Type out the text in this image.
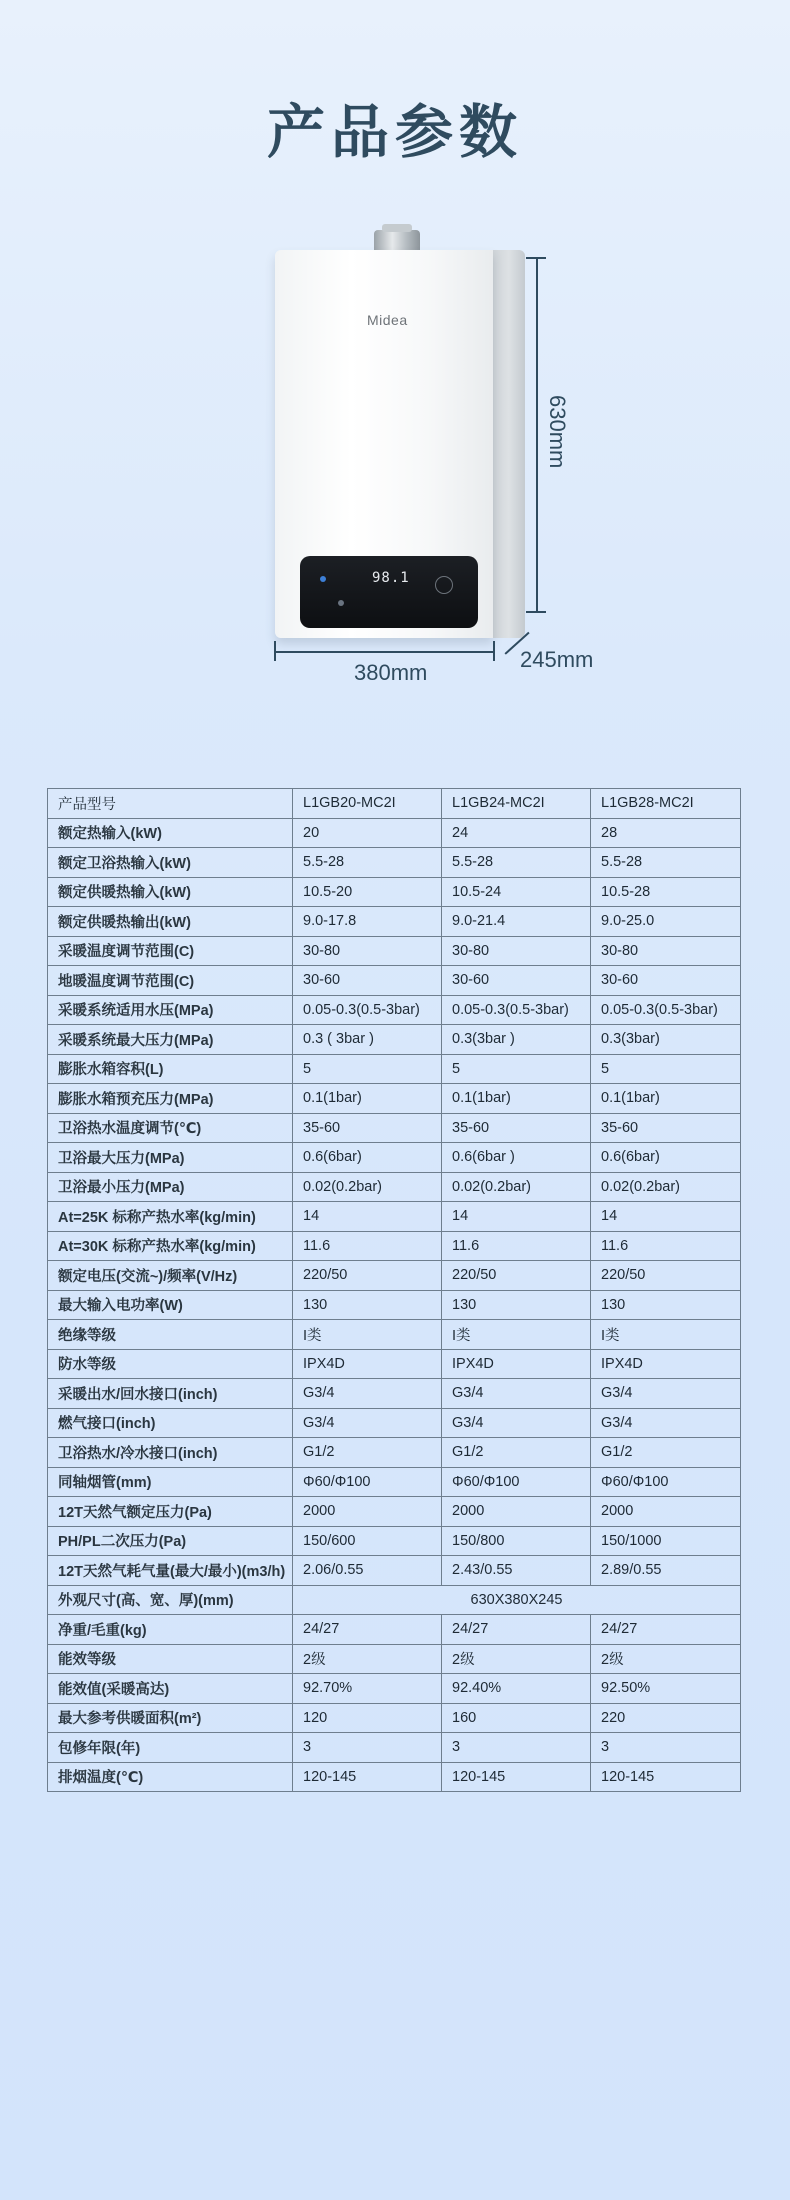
产品参数
Midea
98.1
630mm
380mm
245mm
产品型号	L1GB20-MC2I	L1GB24-MC2I	L1GB28-MC2I
额定热输入(kW)	20	24	28
额定卫浴热输入(kW)	5.5-28	5.5-28	5.5-28
额定供暖热输入(kW)	10.5-20	10.5-24	10.5-28
额定供暖热输出(kW)	9.0-17.8	9.0-21.4	9.0-25.0
采暖温度调节范围(C)	30-80	30-80	30-80
地暖温度调节范围(C)	30-60	30-60	30-60
采暖系统适用水压(MPa)	0.05-0.3(0.5-3bar)	0.05-0.3(0.5-3bar)	0.05-0.3(0.5-3bar)
采暖系统最大压力(MPa)	0.3 ( 3bar )	0.3(3bar )	0.3(3bar)
膨胀水箱容积(L)	5	5	5
膨胀水箱预充压力(MPa)	0.1(1bar)	0.1(1bar)	0.1(1bar)
卫浴热水温度调节(℃)	35-60	35-60	35-60
卫浴最大压力(MPa)	0.6(6bar)	0.6(6bar )	0.6(6bar)
卫浴最小压力(MPa)	0.02(0.2bar)	0.02(0.2bar)	0.02(0.2bar)
At=25K 标称产热水率(kg/min)	14	14	14
At=30K 标称产热水率(kg/min)	11.6	11.6	11.6
额定电压(交流~)/频率(V/Hz)	220/50	220/50	220/50
最大输入电功率(W)	130	130	130
绝缘等级	I类	I类	I类
防水等级	IPX4D	IPX4D	IPX4D
采暖出水/回水接口(inch)	G3/4	G3/4	G3/4
燃气接口(inch)	G3/4	G3/4	G3/4
卫浴热水/冷水接口(inch)	G1/2	G1/2	G1/2
同轴烟管(mm)	Φ60/Φ100	Φ60/Φ100	Φ60/Φ100
12T天然气额定压力(Pa)	2000	2000	2000
PH/PL二次压力(Pa)	150/600	150/800	150/1000
12T天然气耗气量(最大/最小)(m3/h)	2.06/0.55	2.43/0.55	2.89/0.55
外观尺寸(高、宽、厚)(mm)	630X380X245		
净重/毛重(kg)	24/27	24/27	24/27
能效等级	2级	2级	2级
能效值(采暖高达)	92.70%	92.40%	92.50%
最大参考供暖面积(m²)	120	160	220
包修年限(年)	3	3	3
排烟温度(℃)	120-145	120-145	120-145
